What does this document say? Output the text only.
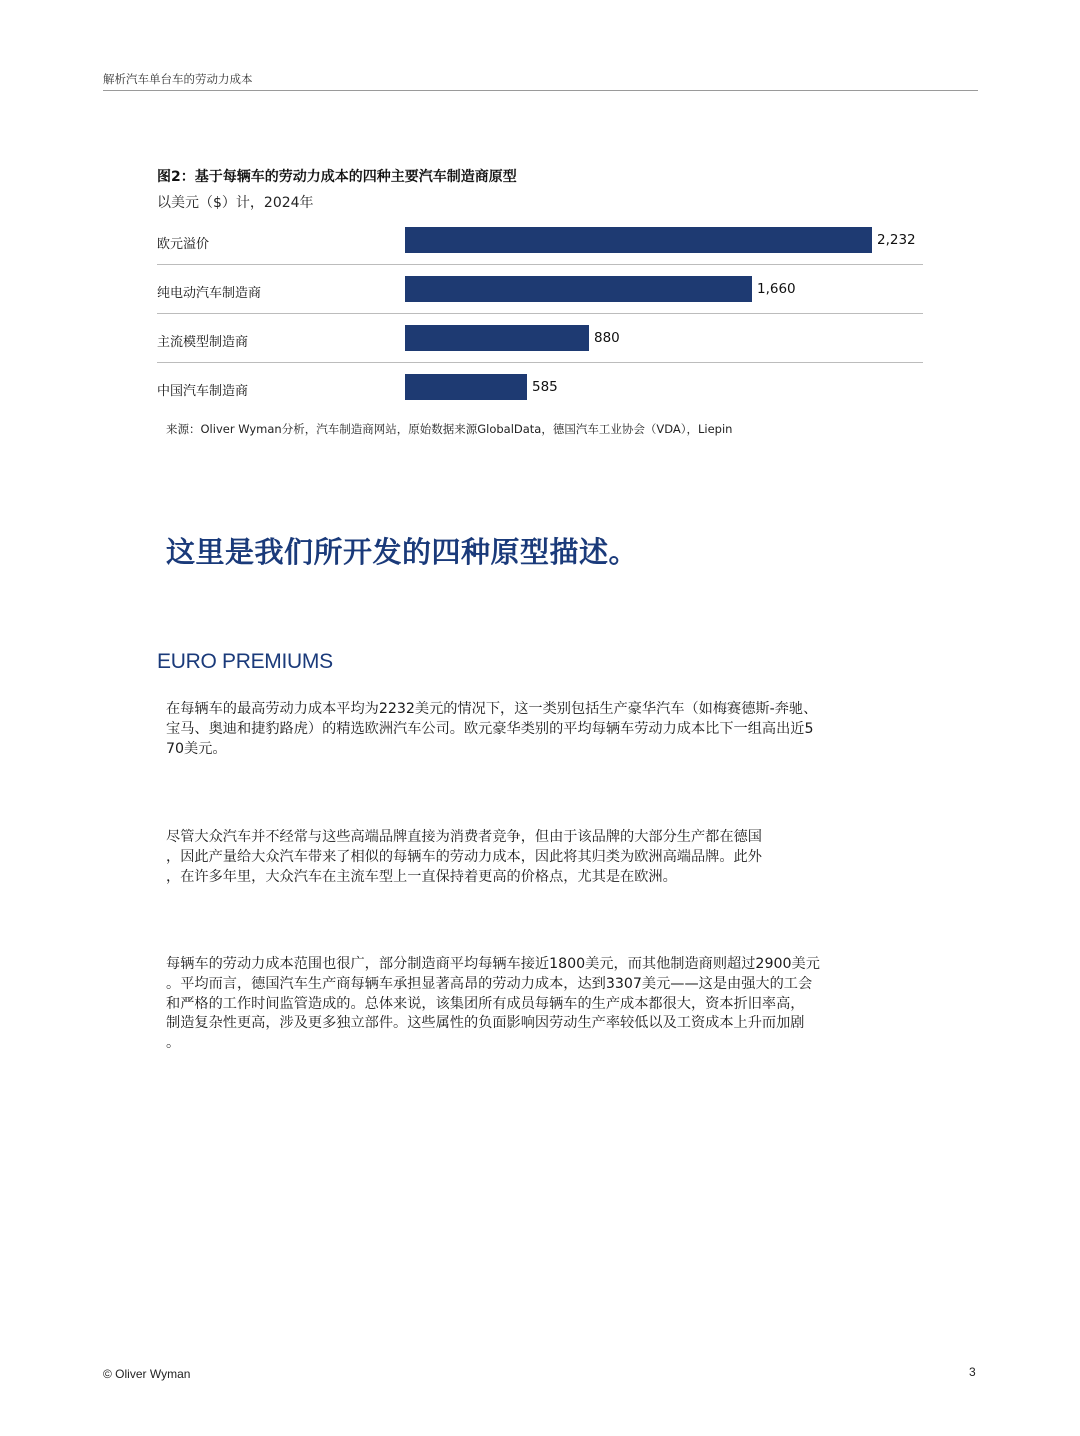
解析汽车单台车的劳动力成本
图2：基于每辆车的劳动力成本的四种主要汽车制造商原型
以美元（$）计，2024年
欧元溢价	2,232
纯电动汽车制造商	1,660
主流模型制造商	880
中国汽车制造商	585
来源：Oliver Wyman分析，汽车制造商网站，原始数据来源GlobalData，德国汽车工业协会（VDA），Liepin
这里是我们所开发的四种原型描述。
EURO PREMIUMS
在每辆车的最高劳动力成本平均为2232美元的情况下，这一类别包括生产豪华汽车（如梅赛德斯-奔驰、
宝马、奥迪和捷豹路虎）的精选欧洲汽车公司。欧元豪华类别的平均每辆车劳动力成本比下一组高出近5
70美元。
尽管大众汽车并不经常与这些高端品牌直接为消费者竞争，但由于该品牌的大部分生产都在德国
，因此产量给大众汽车带来了相似的每辆车的劳动力成本，因此将其归类为欧洲高端品牌。此外
，在许多年里，大众汽车在主流车型上一直保持着更高的价格点，尤其是在欧洲。
每辆车的劳动力成本范围也很广，部分制造商平均每辆车接近1800美元，而其他制造商则超过2900美元
。平均而言，德国汽车生产商每辆车承担显著高昂的劳动力成本，达到3307美元——这是由强大的工会
和严格的工作时间监管造成的。总体来说，该集团所有成员每辆车的生产成本都很大，资本折旧率高，
制造复杂性更高，涉及更多独立部件。这些属性的负面影响因劳动生产率较低以及工资成本上升而加剧
。
© Oliver Wyman	3
